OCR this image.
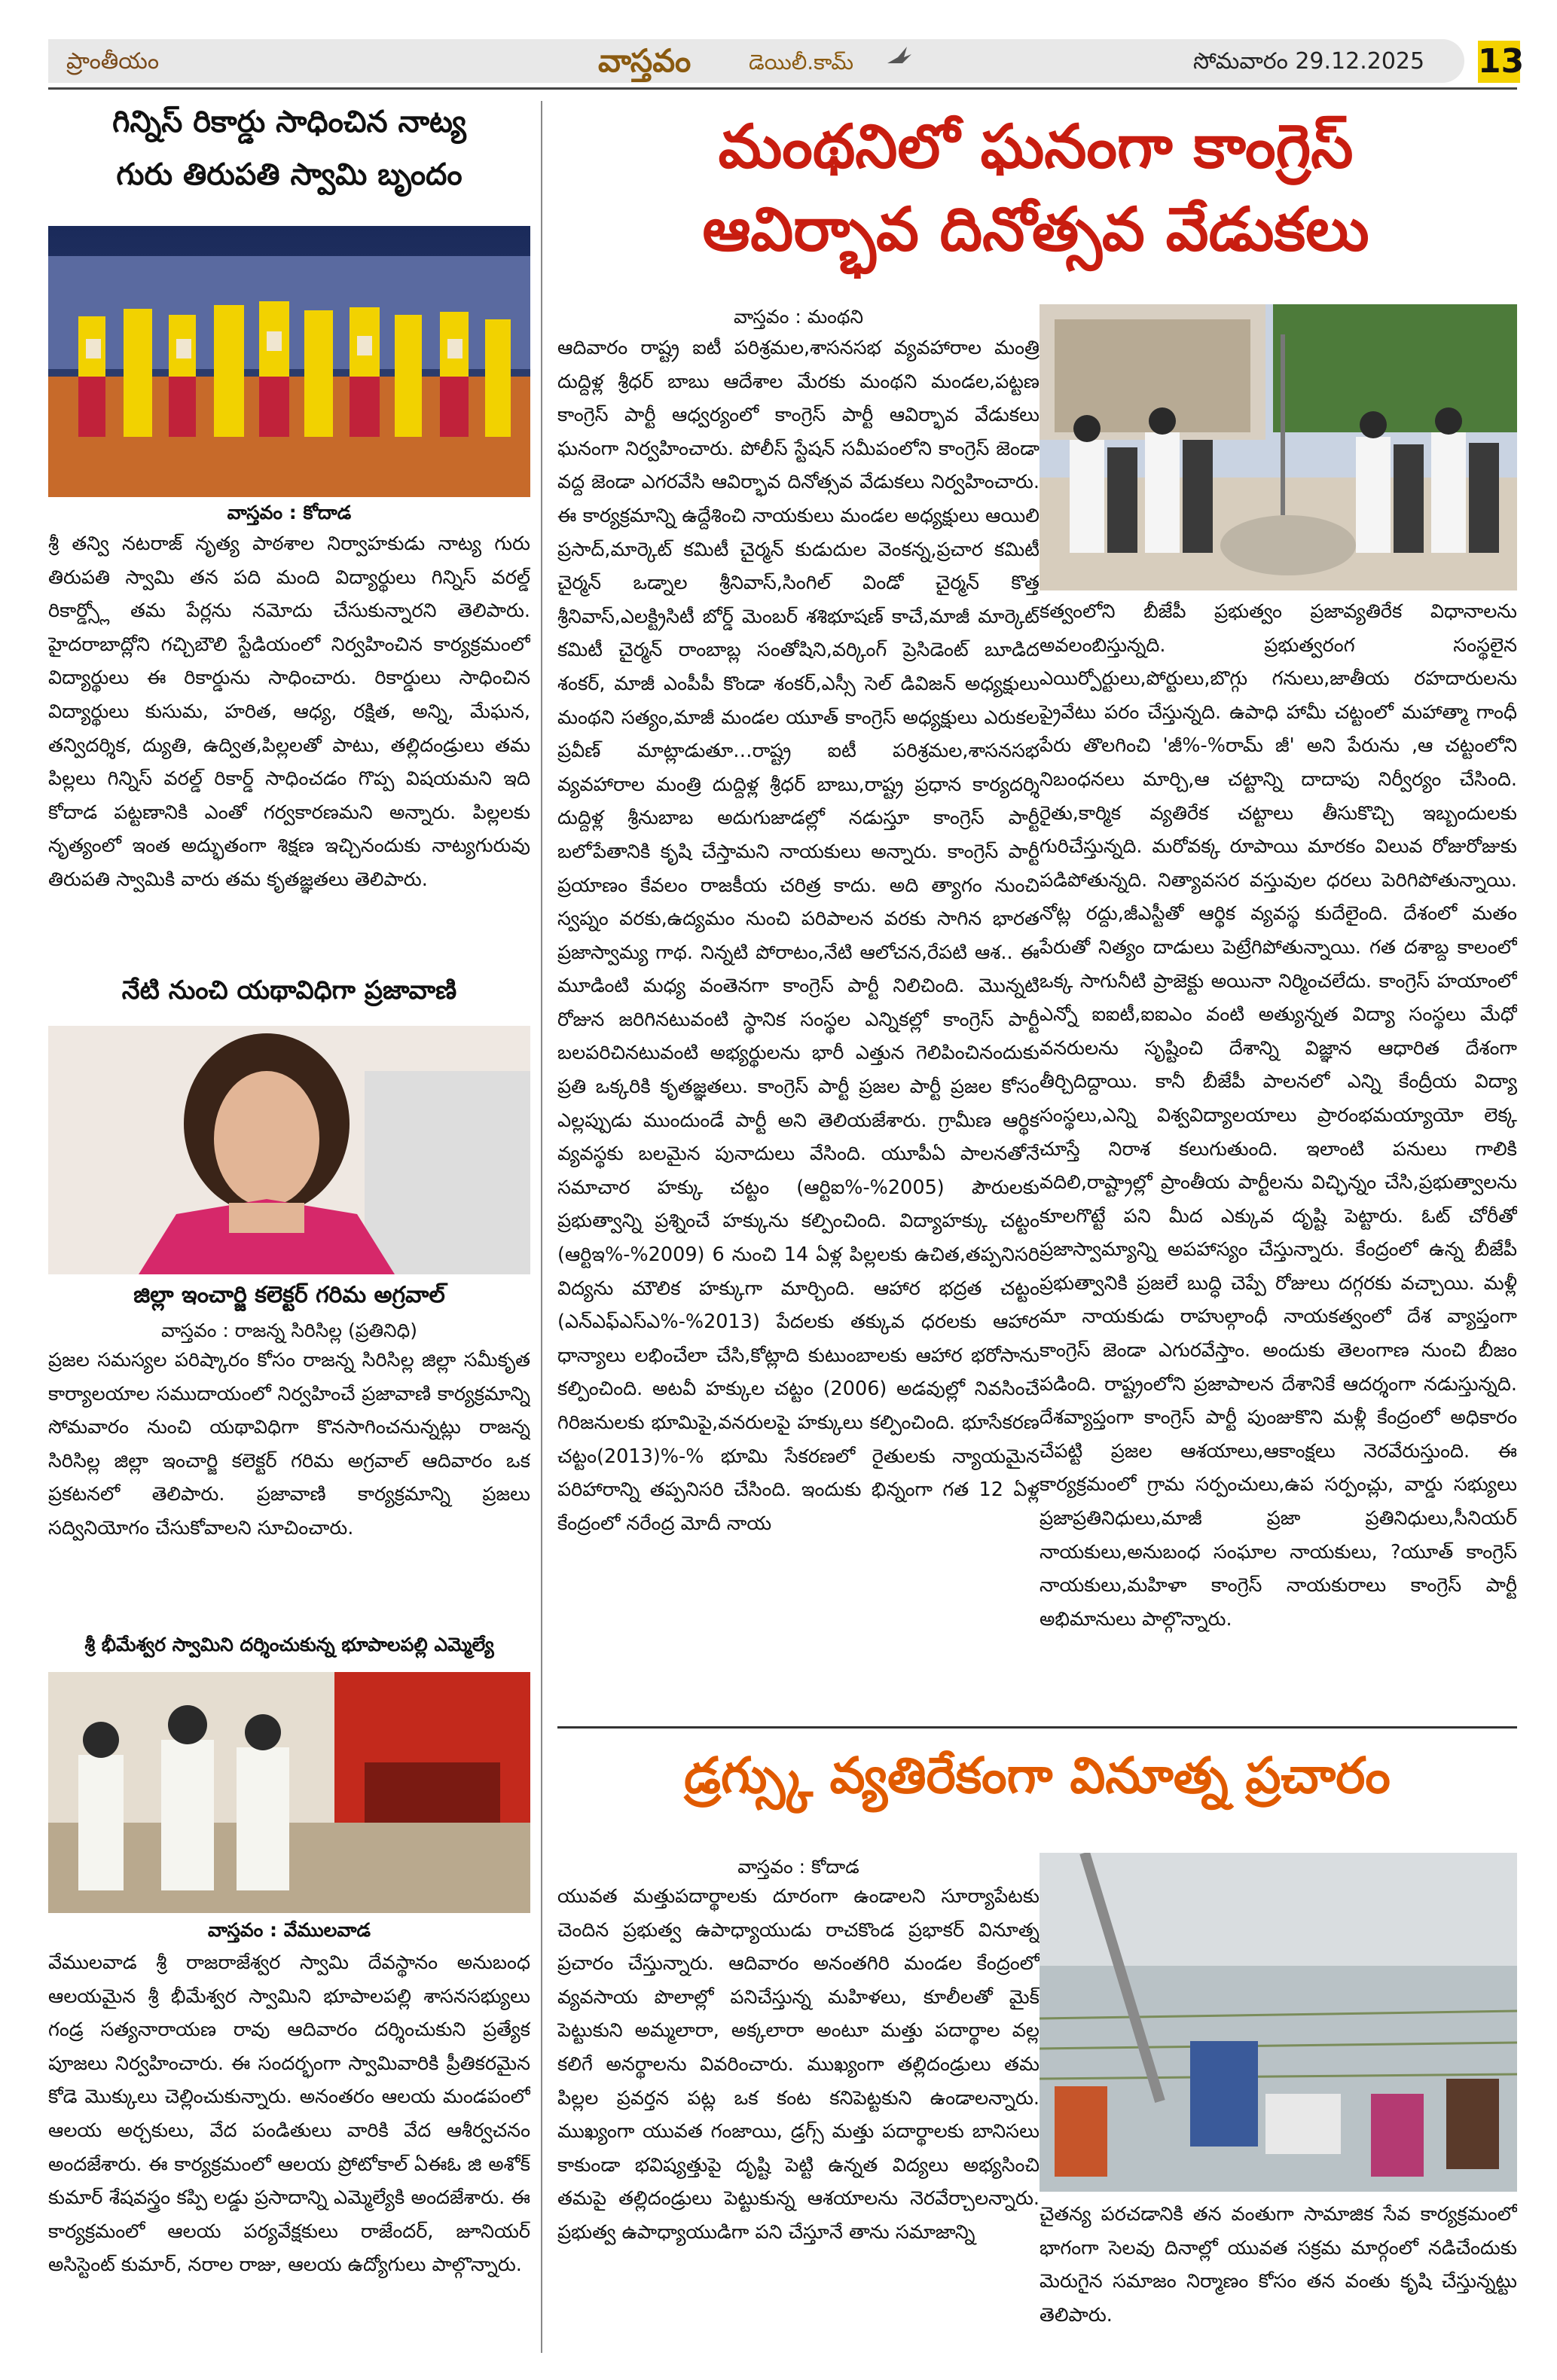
ప్రాంతీయం	వాస్తవం	డెయిలీ.కామ్	సోమవారం 29.12.2025 13
గిన్నిస్ రికార్డు సాధించిన నాట్య
గురు తిరుపతి స్వామి బృందం
వాస్తవం : కోదాడ
శ్రీ తన్వి నటరాజ్ నృత్య పాఠశాల నిర్వాహకుడు నాట్య గురు తిరుపతి స్వామి తన పది మంది విద్యార్థులు గిన్నిస్ వరల్డ్ రికార్డ్స్లో తమ పేర్లను నమోదు చేసుకున్నారని తెలిపారు. హైదరాబాద్లోని గచ్చిబౌలి స్టేడియంలో నిర్వహించిన కార్యక్రమంలో విద్యార్థులు ఈ రికార్డును సాధించారు. రికార్డులు సాధించిన విద్యార్థులు కుసుమ, హరిత, ఆధ్య, రక్షిత, అన్ని, మేఘన, తన్విదర్శిక, ద్యుతి, ఉద్విత,పిల్లలతో పాటు, తల్లిదండ్రులు తమ పిల్లలు గిన్నిస్ వరల్డ్ రికార్డ్ సాధించడం గొప్ప విషయమని ఇది కోదాడ పట్టణానికి ఎంతో గర్వకారణమని అన్నారు. పిల్లలకు నృత్యంలో ఇంత అద్భుతంగా శిక్షణ ఇచ్చినందుకు నాట్యగురువు తిరుపతి స్వామికి వారు తమ కృతజ్ఞతలు తెలిపారు.
నేటి నుంచి యథావిధిగా ప్రజావాణి
జిల్లా ఇంచార్జి కలెక్టర్ గరిమ అగ్రవాల్
వాస్తవం : రాజన్న సిరిసిల్ల (ప్రతినిధి)
ప్రజల సమస్యల పరిష్కారం కోసం రాజన్న సిరిసిల్ల జిల్లా సమీకృత కార్యాలయాల సముదాయంలో నిర్వహించే ప్రజావాణి కార్యక్రమాన్ని సోమవారం నుంచి యథావిధిగా కొనసాగించనున్నట్లు రాజన్న సిరిసిల్ల జిల్లా ఇంచార్జి కలెక్టర్ గరిమ అగ్రవాల్ ఆదివారం ఒక ప్రకటనలో తెలిపారు. ప్రజావాణి కార్యక్రమాన్ని ప్రజలు సద్వినియోగం చేసుకోవాలని సూచించారు.
శ్రీ భీమేశ్వర స్వామిని దర్శించుకున్న భూపాలపల్లి ఎమ్మెల్యే
వాస్తవం : వేములవాడ
వేములవాడ శ్రీ రాజరాజేశ్వర స్వామి దేవస్థానం అనుబంధ ఆలయమైన శ్రీ భీమేశ్వర స్వామిని భూపాలపల్లి శాసనసభ్యులు గండ్ర సత్యనారాయణ రావు ఆదివారం దర్శించుకుని ప్రత్యేక పూజలు నిర్వహించారు. ఈ సందర్భంగా స్వామివారికి ప్రీతికరమైన కోడె మొక్కులు చెల్లించుకున్నారు. అనంతరం ఆలయ మండపంలో ఆలయ అర్చకులు, వేద పండితులు వారికి వేద ఆశీర్వచనం అందజేశారు. ఈ కార్యక్రమంలో ఆలయ ప్రోటోకాల్ ఏఈఓ జి అశోక్ కుమార్ శేషవస్త్రం కప్పి లడ్డు ప్రసాదాన్ని ఎమ్మెల్యేకి అందజేశారు. ఈ కార్యక్రమంలో ఆలయ పర్యవేక్షకులు రాజేందర్, జూనియర్ అసిస్టెంట్ కుమార్, నరాల రాజు, ఆలయ ఉద్యోగులు పాల్గొన్నారు.
మంథనిలో ఘనంగా కాంగ్రెస్
ఆవిర్భావ దినోత్సవ వేడుకలు
వాస్తవం : మంథని
ఆదివారం రాష్ట్ర ఐటీ పరిశ్రమల,శాసనసభ వ్యవహారాల మంత్రి దుద్దిళ్ల శ్రీధర్ బాబు ఆదేశాల మేరకు మంథని మండల,పట్టణ కాంగ్రెస్ పార్టీ ఆధ్వర్యంలో కాంగ్రెస్ పార్టీ ఆవిర్భావ వేడుకలు ఘనంగా నిర్వహించారు. పోలీస్ స్టేషన్ సమీపంలోని కాంగ్రెస్ జెండా వద్ద జెండా ఎగరవేసి ఆవిర్భావ దినోత్సవ వేడుకలు నిర్వహించారు. ఈ కార్యక్రమాన్ని ఉద్దేశించి నాయకులు మండల అధ్యక్షులు ఆయిలి ప్రసాద్,మార్కెట్ కమిటీ చైర్మన్ కుడుదుల వెంకన్న,ప్రచార కమిటీ చైర్మన్ ఒడ్నాల శ్రీనివాస్,సింగిల్ విండో చైర్మన్ కొత్త శ్రీనివాస్,ఎలక్ట్రిసిటీ బోర్డ్ మెంబర్ శశిభూషణ్ కాచే,మాజీ మార్కెట్ కమిటీ చైర్మన్ రాంబాబ్ల సంతోషిని,వర్కింగ్ ప్రెసిడెంట్ బూడిద శంకర్, మాజీ ఎంపీపీ కొండా శంకర్,ఎస్సీ సెల్ డివిజన్ అధ్యక్షులు మంథని సత్యం,మాజీ మండల యూత్ కాంగ్రెస్ అధ్యక్షులు ఎరుకల ప్రవీణ్ మాట్లాడుతూ…రాష్ట్ర ఐటీ పరిశ్రమల,శాసనసభ వ్యవహారాల మంత్రి దుద్దిళ్ల శ్రీధర్ బాబు,రాష్ట్ర ప్రధాన కార్యదర్శి దుద్దిళ్ల శ్రీనుబాబ అదుగుజాడల్లో నడుస్తూ కాంగ్రెస్ పార్టీ బలోపేతానికి కృషి చేస్తామని నాయకులు అన్నారు. కాంగ్రెస్ పార్టీ ప్రయాణం కేవలం రాజకీయ చరిత్ర కాదు. అది త్యాగం నుంచి స్వప్నం వరకు,ఉద్యమం నుంచి పరిపాలన వరకు సాగిన భారత ప్రజాస్వామ్య గాథ. నిన్నటి పోరాటం,నేటి ఆలోచన,రేపటి ఆశ.. ఈ మూడింటి మధ్య వంతెనగా కాంగ్రెస్ పార్టీ నిలిచింది. మొన్నటి రోజున జరిగినటువంటి స్థానిక సంస్థల ఎన్నికల్లో కాంగ్రెస్ పార్టీ బలపరిచినటువంటి అభ్యర్థులను భారీ ఎత్తున గెలిపించినందుకు ప్రతి ఒక్కరికి కృతజ్ఞతలు. కాంగ్రెస్ పార్టీ ప్రజల పార్టీ ప్రజల కోసం ఎల్లప్పుడు ముందుండే పార్టీ అని తెలియజేశారు. గ్రామీణ ఆర్థిక వ్యవస్థకు బలమైన పునాదులు వేసింది. యూపీఏ పాలనతోనే సమాచార హక్కు చట్టం (ఆర్టిఐ%-%2005) పౌరులకు ప్రభుత్వాన్ని ప్రశ్నించే హక్కును కల్పించింది. విద్యాహక్కు చట్టం (ఆర్టిఇ%-%2009) 6 నుంచి 14 ఏళ్ల పిల్లలకు ఉచిత,తప్పనిసరి విద్యను మౌలిక హక్కుగా మార్చింది. ఆహార భద్రత చట్టం (ఎన్ఎఫ్ఎస్ఎ%-%2013) పేదలకు తక్కువ ధరలకు ఆహార ధాన్యాలు లభించేలా చేసి,కోట్లాది కుటుంబాలకు ఆహార భరోసాను కల్పించింది. అటవీ హక్కుల చట్టం (2006) అడవుల్లో నివసించే గిరిజనులకు భూమిపై,వనరులపై హక్కులు కల్పించింది. భూసేకరణ చట్టం(2013)%-% భూమి సేకరణలో రైతులకు న్యాయమైన పరిహారాన్ని తప్పనిసరి చేసింది. ఇందుకు భిన్నంగా గత 12 ఏళ్ల కేంద్రంలో నరేంద్ర మోదీ నాయ
కత్వంలోని బీజేపీ ప్రభుత్వం ప్రజావ్యతిరేక విధానాలను అవలంబిస్తున్నది. ప్రభుత్వరంగ సంస్థలైన ఎయిర్పోర్టులు,పోర్టులు,బొగ్గు గనులు,జాతీయ రహదారులను ప్రైవేటు పరం చేస్తున్నది. ఉపాధి హామీ చట్టంలో మహాత్మా గాంధీ పేరు తొలగించి 'జీ%-%రామ్ జీ' అని పేరును ,ఆ చట్టంలోని నిబంధనలు మార్చి,ఆ చట్టాన్ని దాదాపు నిర్వీర్యం చేసింది. రైతు,కార్మిక వ్యతిరేక చట్టాలు తీసుకొచ్చి ఇబ్బందులకు గురిచేస్తున్నది. మరోవక్క రూపాయి మారకం విలువ రోజురోజుకు పడిపోతున్నది. నిత్యావసర వస్తువుల ధరలు పెరిగిపోతున్నాయి. నోట్ల రద్దు,జీఎస్టీతో ఆర్థిక వ్యవస్థ కుదేలైంది. దేశంలో మతం పేరుతో నిత్యం దాడులు పెట్రేగిపోతున్నాయి. గత దశాబ్ద కాలంలో ఒక్క సాగునీటి ప్రాజెక్టు అయినా నిర్మించలేదు. కాంగ్రెస్ హయాంలో ఎన్నో ఐఐటీ,ఐఐఎం వంటి అత్యున్నత విద్యా సంస్థలు మేధో వనరులను సృష్టించి దేశాన్ని విజ్ఞాన ఆధారిత దేశంగా తీర్చిదిద్దాయి. కానీ బీజేపీ పాలనలో ఎన్ని కేంద్రీయ విద్యా సంస్థలు,ఎన్ని విశ్వవిద్యాలయాలు ప్రారంభమయ్యాయో లెక్క చూస్తే నిరాశ కలుగుతుంది. ఇలాంటి పనులు గాలికి వదిలి,రాష్ట్రాల్లో ప్రాంతీయ పార్టీలను విచ్ఛిన్నం చేసి,ప్రభుత్వాలను కూలగొట్టే పని మీద ఎక్కువ దృష్టి పెట్టారు. ఓట్ చోరీతో ప్రజాస్వామ్యాన్ని అపహాస్యం చేస్తున్నారు. కేంద్రంలో ఉన్న బీజేపీ ప్రభుత్వానికి ప్రజలే బుద్ధి చెప్పే రోజులు దగ్గరకు వచ్చాయి. మళ్లీ మా నాయకుడు రాహుల్గాంధీ నాయకత్వంలో దేశ వ్యాప్తంగా కాంగ్రెస్ జెండా ఎగురవేస్తాం. అందుకు తెలంగాణ నుంచి బీజం పడింది. రాష్ట్రంలోని ప్రజాపాలన దేశానికే ఆదర్శంగా నడుస్తున్నది. దేశవ్యాప్తంగా కాంగ్రెస్ పార్టీ పుంజుకొని మళ్లీ కేంద్రంలో అధికారం చేపట్టి ప్రజల ఆశయాలు,ఆకాంక్షలు నెరవేరుస్తుంది. ఈ కార్యక్రమంలో గ్రామ సర్పంచులు,ఉప సర్పంచ్లు, వార్డు సభ్యులు ప్రజాప్రతినిధులు,మాజీ ప్రజా ప్రతినిధులు,సీనియర్ నాయకులు,అనుబంధ సంఘాల నాయకులు, ?యూత్ కాంగ్రెస్ నాయకులు,మహిళా కాంగ్రెస్ నాయకురాలు కాంగ్రెస్ పార్టీ అభిమానులు పాల్గొన్నారు.
డ్రగ్స్కు వ్యతిరేకంగా వినూత్న ప్రచారం
వాస్తవం : కోదాడ
యువత మత్తుపదార్థాలకు దూరంగా ఉండాలని సూర్యాపేటకు చెందిన ప్రభుత్వ ఉపాధ్యాయుడు రాచకొండ ప్రభాకర్ వినూత్న ప్రచారం చేస్తున్నారు. ఆదివారం అనంతగిరి మండల కేంద్రంలో వ్యవసాయ పొలాల్లో పనిచేస్తున్న మహిళలు, కూలీలతో మైక్ పెట్టుకుని అమ్మలారా, అక్కలారా అంటూ మత్తు పదార్థాల వల్ల కలిగే అనర్థాలను వివరించారు. ముఖ్యంగా తల్లిదండ్రులు తమ పిల్లల ప్రవర్తన పట్ల ఒక కంట కనిపెట్టకుని ఉండాలన్నారు. ముఖ్యంగా యువత గంజాయి, డ్రగ్స్ మత్తు పదార్థాలకు బానిసలు కాకుండా భవిష్యత్తుపై దృష్టి పెట్టి ఉన్నత విద్యలు అభ్యసించి తమపై తల్లిదండ్రులు పెట్టుకున్న ఆశయాలను నెరవేర్చాలన్నారు. ప్రభుత్వ ఉపాధ్యాయుడిగా పని చేస్తూనే తాను సమాజాన్ని
చైతన్య పరచడానికి తన వంతుగా సామాజిక సేవ కార్యక్రమంలో భాగంగా సెలవు దినాల్లో యువత సక్రమ మార్గంలో నడిచేందుకు మెరుగైన సమాజం నిర్మాణం కోసం తన వంతు కృషి చేస్తున్నట్టు తెలిపారు.
